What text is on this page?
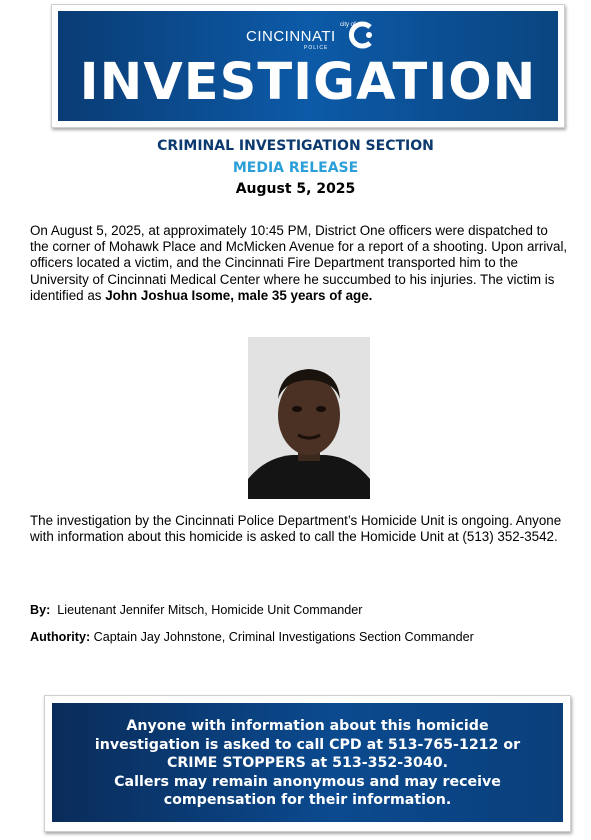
city of
CINCINNATI
POLICE
INVESTIGATION
CRIMINAL INVESTIGATION SECTION
MEDIA RELEASE
August 5, 2025
On August 5, 2025, at approximately 10:45 PM, District One officers were dispatched to the corner of Mohawk Place and McMicken Avenue for a report of a shooting. Upon arrival, officers located a victim, and the Cincinnati Fire Department transported him to the University of Cincinnati Medical Center where he succumbed to his injuries. The victim is identified as John Joshua Isome, male 35 years of age.
The investigation by the Cincinnati Police Department’s Homicide Unit is ongoing. Anyone with information about this homicide is asked to call the Homicide Unit at (513) 352-3542.
By: Lieutenant Jennifer Mitsch, Homicide Unit Commander
Authority: Captain Jay Johnstone, Criminal Investigations Section Commander
Anyone with information about this homicide
investigation is asked to call CPD at 513-765-1212 or
CRIME STOPPERS at 513-352-3040.
Callers may remain anonymous and may receive
compensation for their information.
